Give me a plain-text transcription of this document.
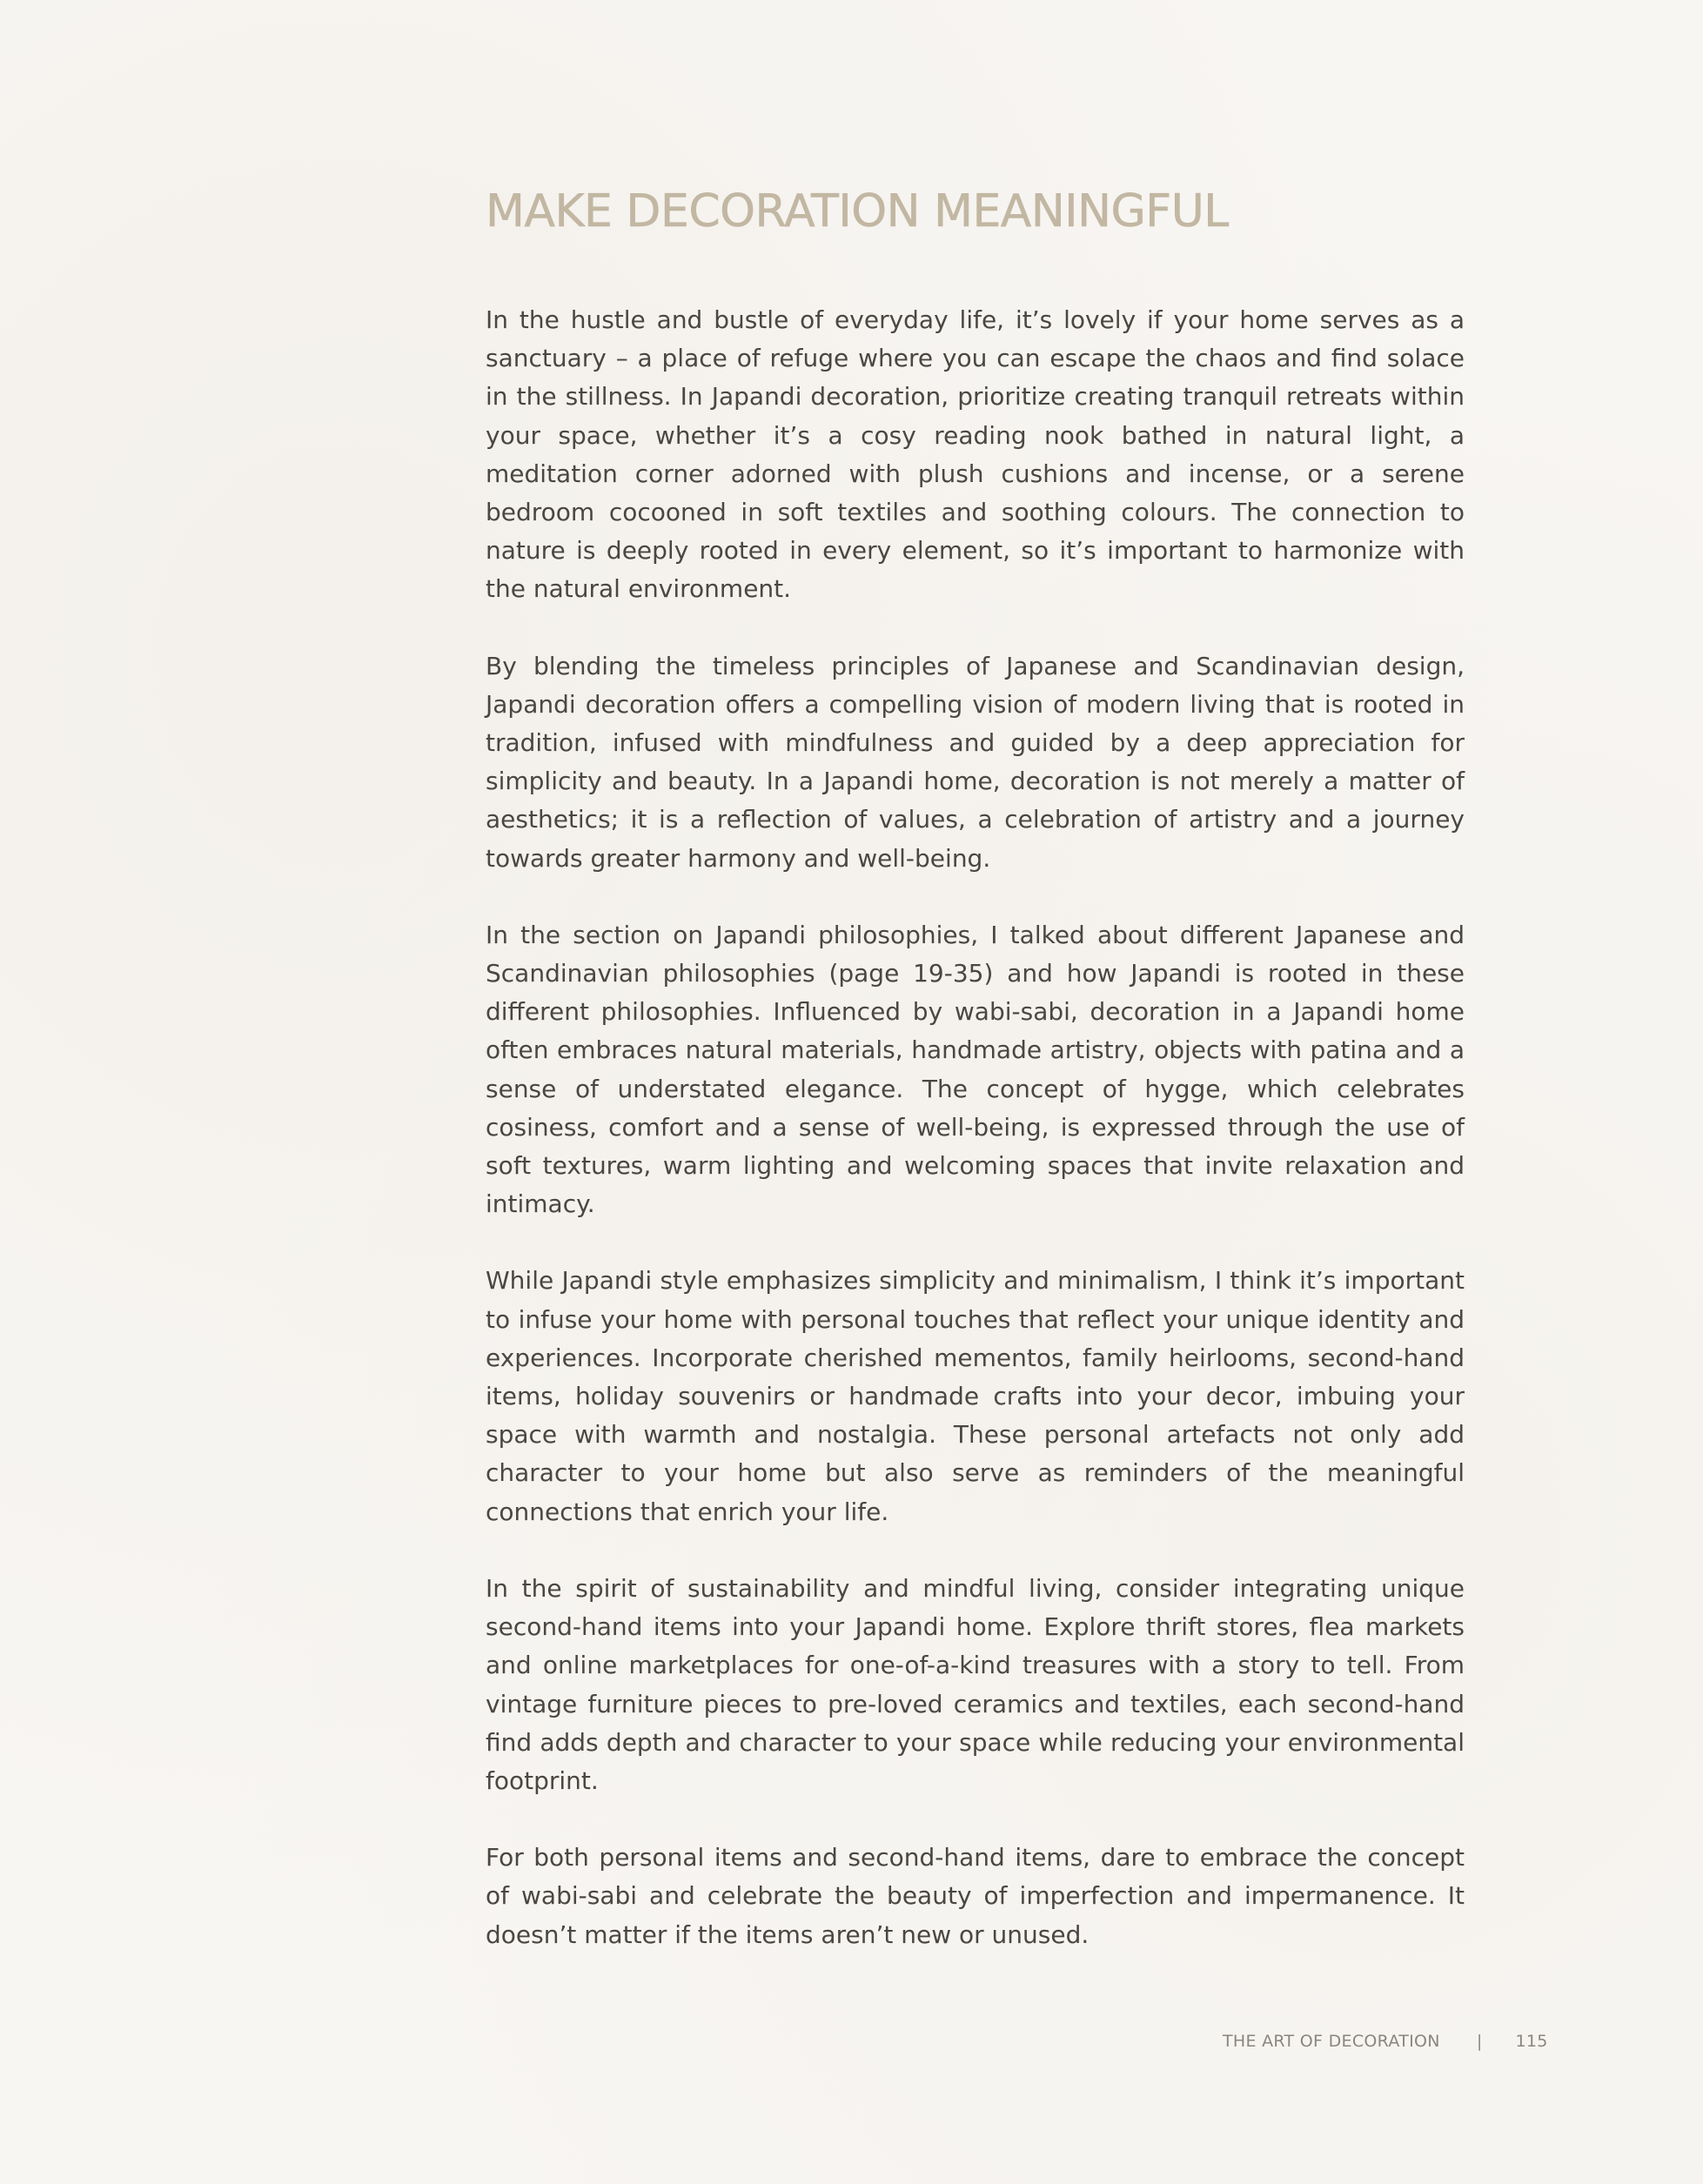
MAKE DECORATION MEANINGFUL

In the hustle and bustle of everyday life, it’s lovely if your home serves as a sanctuary – a place of refuge where you can escape the chaos and find solace in the stillness. In Japandi decoration, prioritize creating tranquil retreats within your space, whether it’s a cosy reading nook bathed in natural light, a meditation corner adorned with plush cushions and incense, or a serene bedroom cocooned in soft textiles and soothing colours. The connection to nature is deeply rooted in every element, so it’s important to harmonize with the natural environment.

By blending the timeless principles of Japanese and Scandinavian design, Japandi decoration offers a compelling vision of modern living that is rooted in tradition, infused with mindfulness and guided by a deep appreciation for simplicity and beauty. In a Japandi home, decoration is not merely a matter of aesthetics; it is a reflection of values, a celebration of artistry and a journey towards greater harmony and well-being.

In the section on Japandi philosophies, I talked about different Japanese and Scandinavian philosophies (page 19-35) and how Japandi is rooted in these different philosophies. Influenced by wabi-sabi, decoration in a Japandi home often embraces natural materials, handmade artistry, objects with patina and a sense of understated elegance. The concept of hygge, which celebrates cosiness, comfort and a sense of well-being, is expressed through the use of soft textures, warm lighting and welcoming spaces that invite relaxation and intimacy.

While Japandi style emphasizes simplicity and minimalism, I think it’s important to infuse your home with personal touches that reflect your unique identity and experiences. Incorporate cherished mementos, family heirlooms, second-hand items, holiday souvenirs or handmade crafts into your decor, imbuing your space with warmth and nostalgia. These personal artefacts not only add character to your home but also serve as reminders of the meaningful connections that enrich your life.

In the spirit of sustainability and mindful living, consider integrating unique second-hand items into your Japandi home. Explore thrift stores, flea markets and online marketplaces for one-of-a-kind treasures with a story to tell. From vintage furniture pieces to pre-loved ceramics and textiles, each second-hand find adds depth and character to your space while reducing your environmental footprint.

For both personal items and second-hand items, dare to embrace the concept of wabi-sabi and celebrate the beauty of imperfection and impermanence. It doesn’t matter if the items aren’t new or unused.

THE ART OF DECORATION | 115
